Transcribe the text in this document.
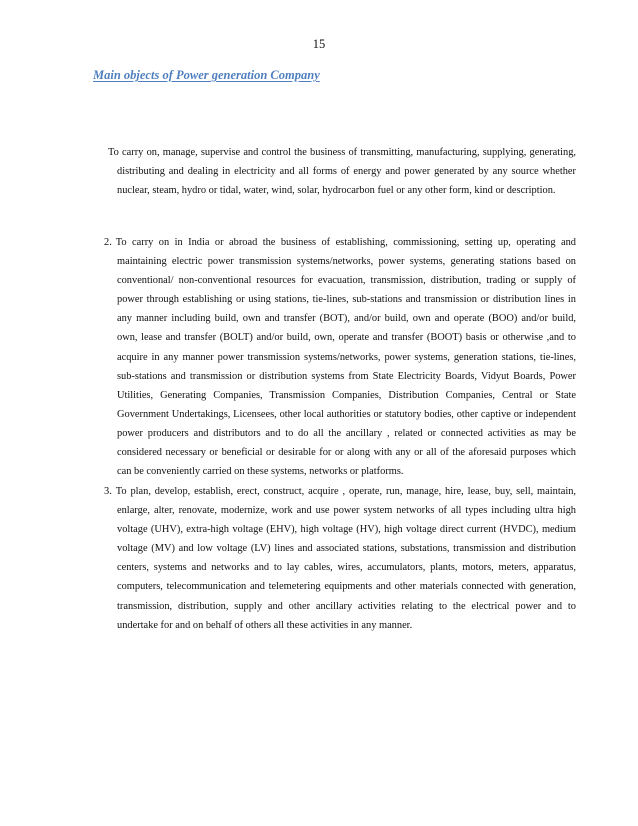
15
Main objects of Power generation Company
To carry on, manage, supervise and control the business of transmitting, manufacturing, supplying, generating, distributing and dealing in electricity and all forms of energy and power generated by any source whether nuclear, steam, hydro or tidal, water, wind, solar, hydrocarbon fuel or any other form, kind or description.
2. To carry on in India or abroad the business of establishing, commissioning, setting up, operating and maintaining electric power transmission systems/networks, power systems, generating stations based on conventional/ non-conventional resources for evacuation, transmission, distribution, trading or supply of power through establishing or using stations, tie-lines, sub-stations and transmission or distribution lines in any manner including build, own and transfer (BOT), and/or build, own and operate (BOO) and/or build, own, lease and transfer (BOLT) and/or build, own, operate and transfer (BOOT) basis or otherwise ,and to acquire in any manner power transmission systems/networks, power systems, generation stations, tie-lines, sub-stations and transmission or distribution systems from State Electricity Boards, Vidyut Boards, Power Utilities, Generating Companies, Transmission Companies, Distribution Companies, Central or State Government Undertakings, Licensees, other local authorities or statutory bodies, other captive or independent power producers and distributors and to do all the ancillary , related or connected activities as may be considered necessary or beneficial or desirable for or along with any or all of the aforesaid purposes which can be conveniently carried on these systems, networks or platforms.
3. To plan, develop, establish, erect, construct, acquire , operate, run, manage, hire, lease, buy, sell, maintain, enlarge, alter, renovate, modernize, work and use power system networks of all types including ultra high voltage (UHV), extra-high voltage (EHV), high voltage (HV), high voltage direct current (HVDC), medium voltage (MV) and low voltage (LV) lines and associated stations, substations, transmission and distribution centers, systems and networks and to lay cables, wires, accumulators, plants, motors, meters, apparatus, computers, telecommunication and telemetering equipments and other materials connected with generation, transmission, distribution, supply and other ancillary activities relating to the electrical power and to undertake for and on behalf of others all these activities in any manner.
